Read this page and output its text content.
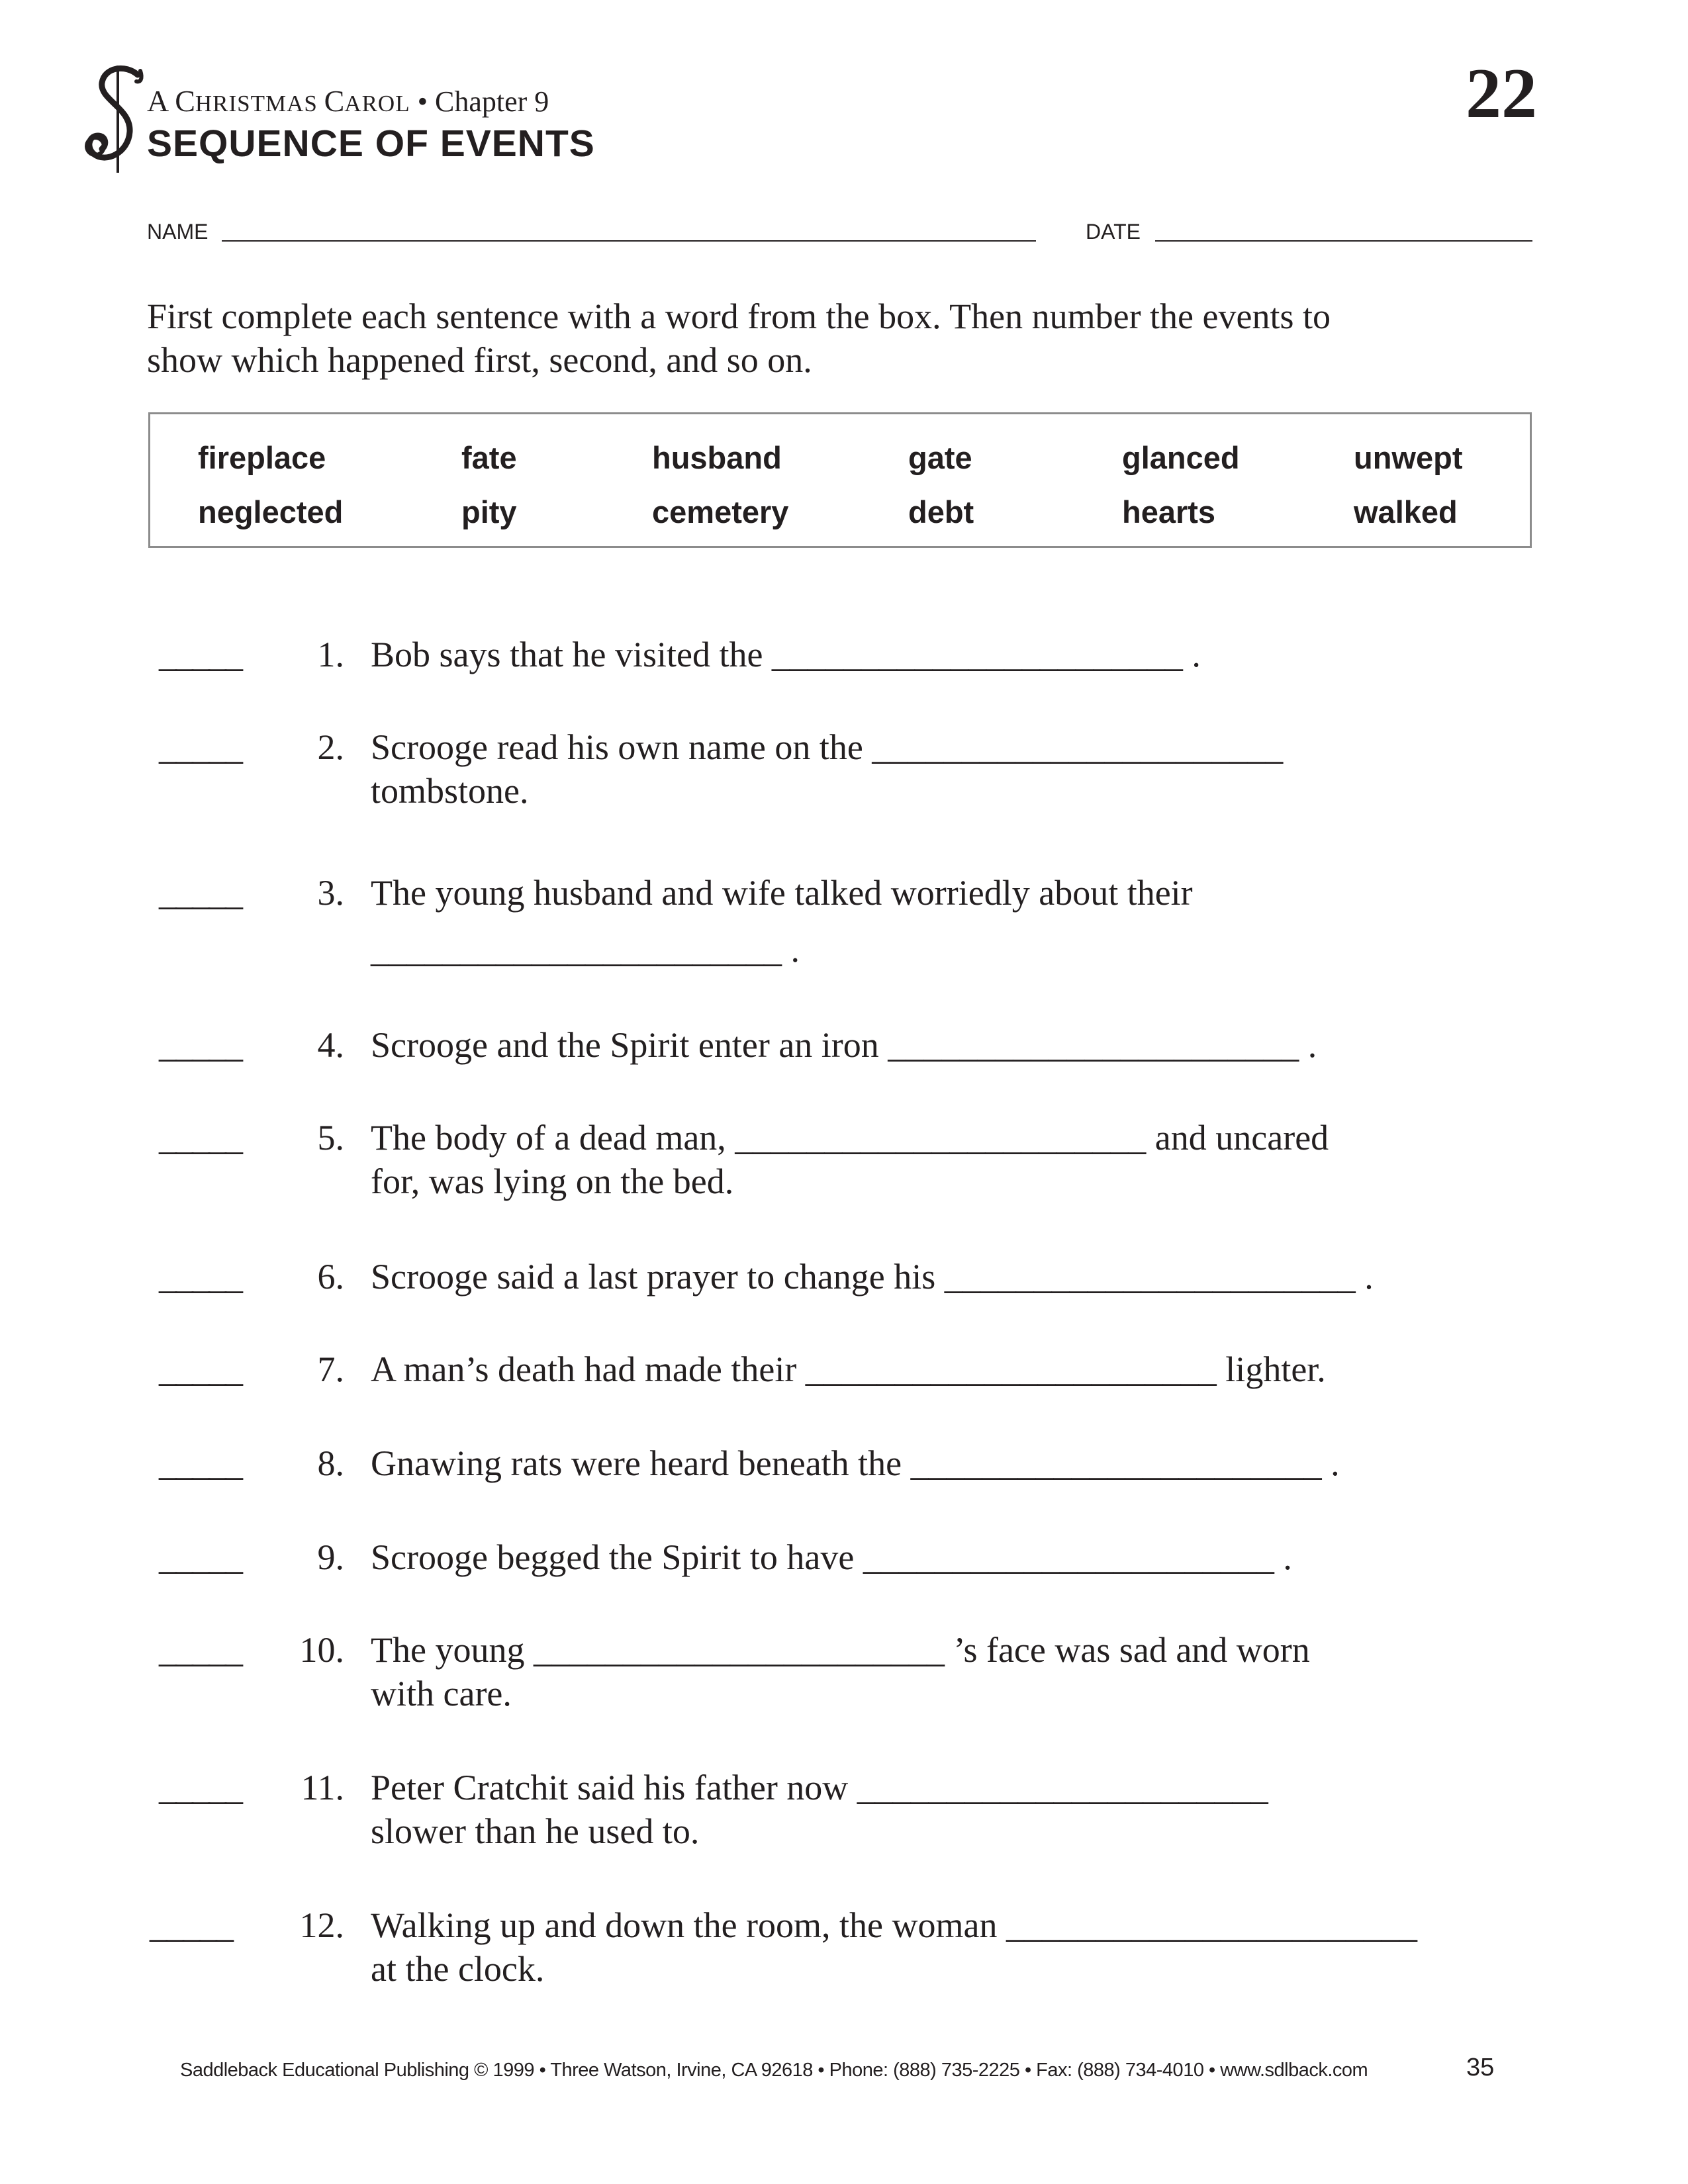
A CHRISTMAS CAROL • Chapter 9
SEQUENCE OF EVENTS
22
NAME	DATE
First complete each sentence with a word from the box. Then number the events to show which happened first, second, and so on.
fireplace	fate	husband	gate	glanced	unwept
neglected	pity	cemetery	debt	hearts	walked
_____	1. Bob says that he visited the _______________________ .
_____	2. Scrooge read his own name on the _______________________
tombstone.
_____	3. The young husband and wife talked worriedly about their
_______________________ .
_____	4. Scrooge and the Spirit enter an iron _______________________ .
_____	5. The body of a dead man, _______________________ and uncared
for, was lying on the bed.
_____	6. Scrooge said a last prayer to change his _______________________ .
_____	7. A man’s death had made their _______________________ lighter.
_____	8. Gnawing rats were heard beneath the _______________________ .
_____	9. Scrooge begged the Spirit to have _______________________ .
_____	10. The young _______________________ ’s face was sad and worn
with care.
_____	11. Peter Cratchit said his father now _______________________
slower than he used to.
_____	12. Walking up and down the room, the woman _______________________
at the clock.
Saddleback Educational Publishing © 1999 • Three Watson, Irvine, CA 92618 • Phone: (888) 735-2225 • Fax: (888) 734-4010 • www.sdlback.com	35
